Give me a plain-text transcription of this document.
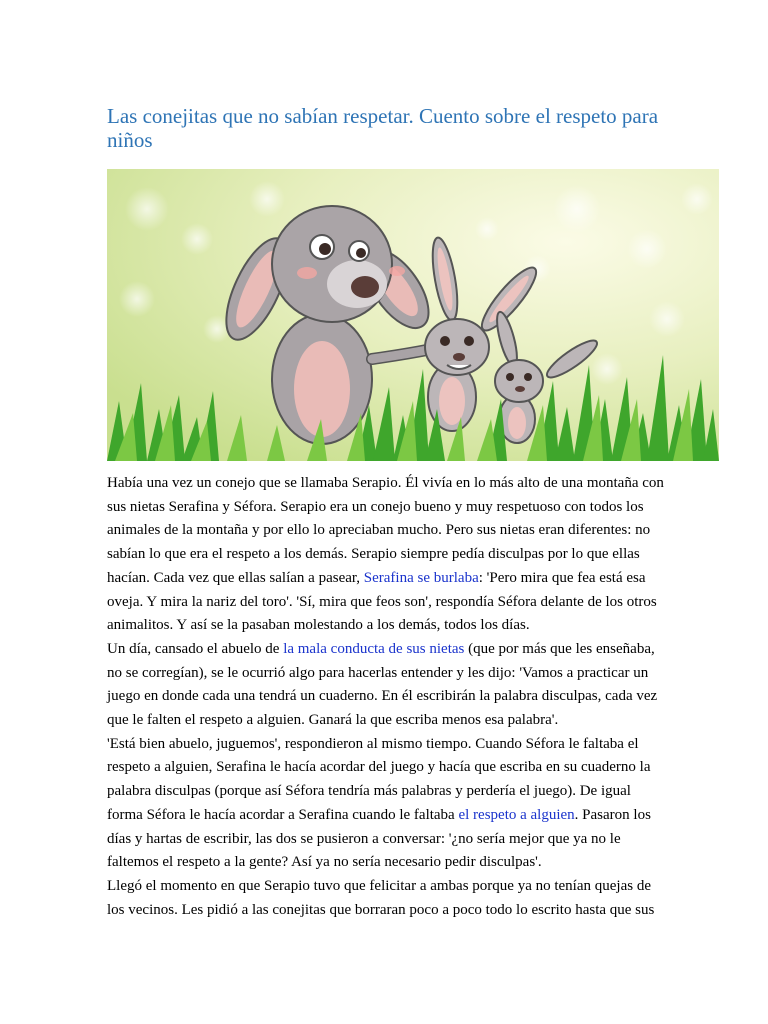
Las conejitas que no sabían respetar. Cuento sobre el respeto para niños

Había una vez un conejo que se llamaba Serapio. Él vivía en lo más alto de una montaña con sus nietas Serafina y Séfora. Serapio era un conejo bueno y muy respetuoso con todos los animales de la montaña y por ello lo apreciaban mucho. Pero sus nietas eran diferentes: no sabían lo que era el respeto a los demás. Serapio siempre pedía disculpas por lo que ellas hacían. Cada vez que ellas salían a pasear, Serafina se burlaba: 'Pero mira que fea está esa oveja. Y mira la nariz del toro'. 'Sí, mira que feos son', respondía Séfora delante de los otros animalitos. Y así se la pasaban molestando a los demás, todos los días.

Un día, cansado el abuelo de la mala conducta de sus nietas (que por más que les enseñaba, no se corregían), se le ocurrió algo para hacerlas entender y les dijo: 'Vamos a practicar un juego en donde cada una tendrá un cuaderno. En él escribirán la palabra disculpas, cada vez que le falten el respeto a alguien. Ganará la que escriba menos esa palabra'.

'Está bien abuelo, juguemos', respondieron al mismo tiempo. Cuando Séfora le faltaba el respeto a alguien, Serafina le hacía acordar del juego y hacía que escriba en su cuaderno la palabra disculpas (porque así Séfora tendría más palabras y perdería el juego). De igual forma Séfora le hacía acordar a Serafina cuando le faltaba el respeto a alguien. Pasaron los días y hartas de escribir, las dos se pusieron a conversar: '¿no sería mejor que ya no le faltemos el respeto a la gente? Así ya no sería necesario pedir disculpas'.

Llegó el momento en que Serapio tuvo que felicitar a ambas porque ya no tenían quejas de los vecinos. Les pidió a las conejitas que borraran poco a poco todo lo escrito hasta que sus
